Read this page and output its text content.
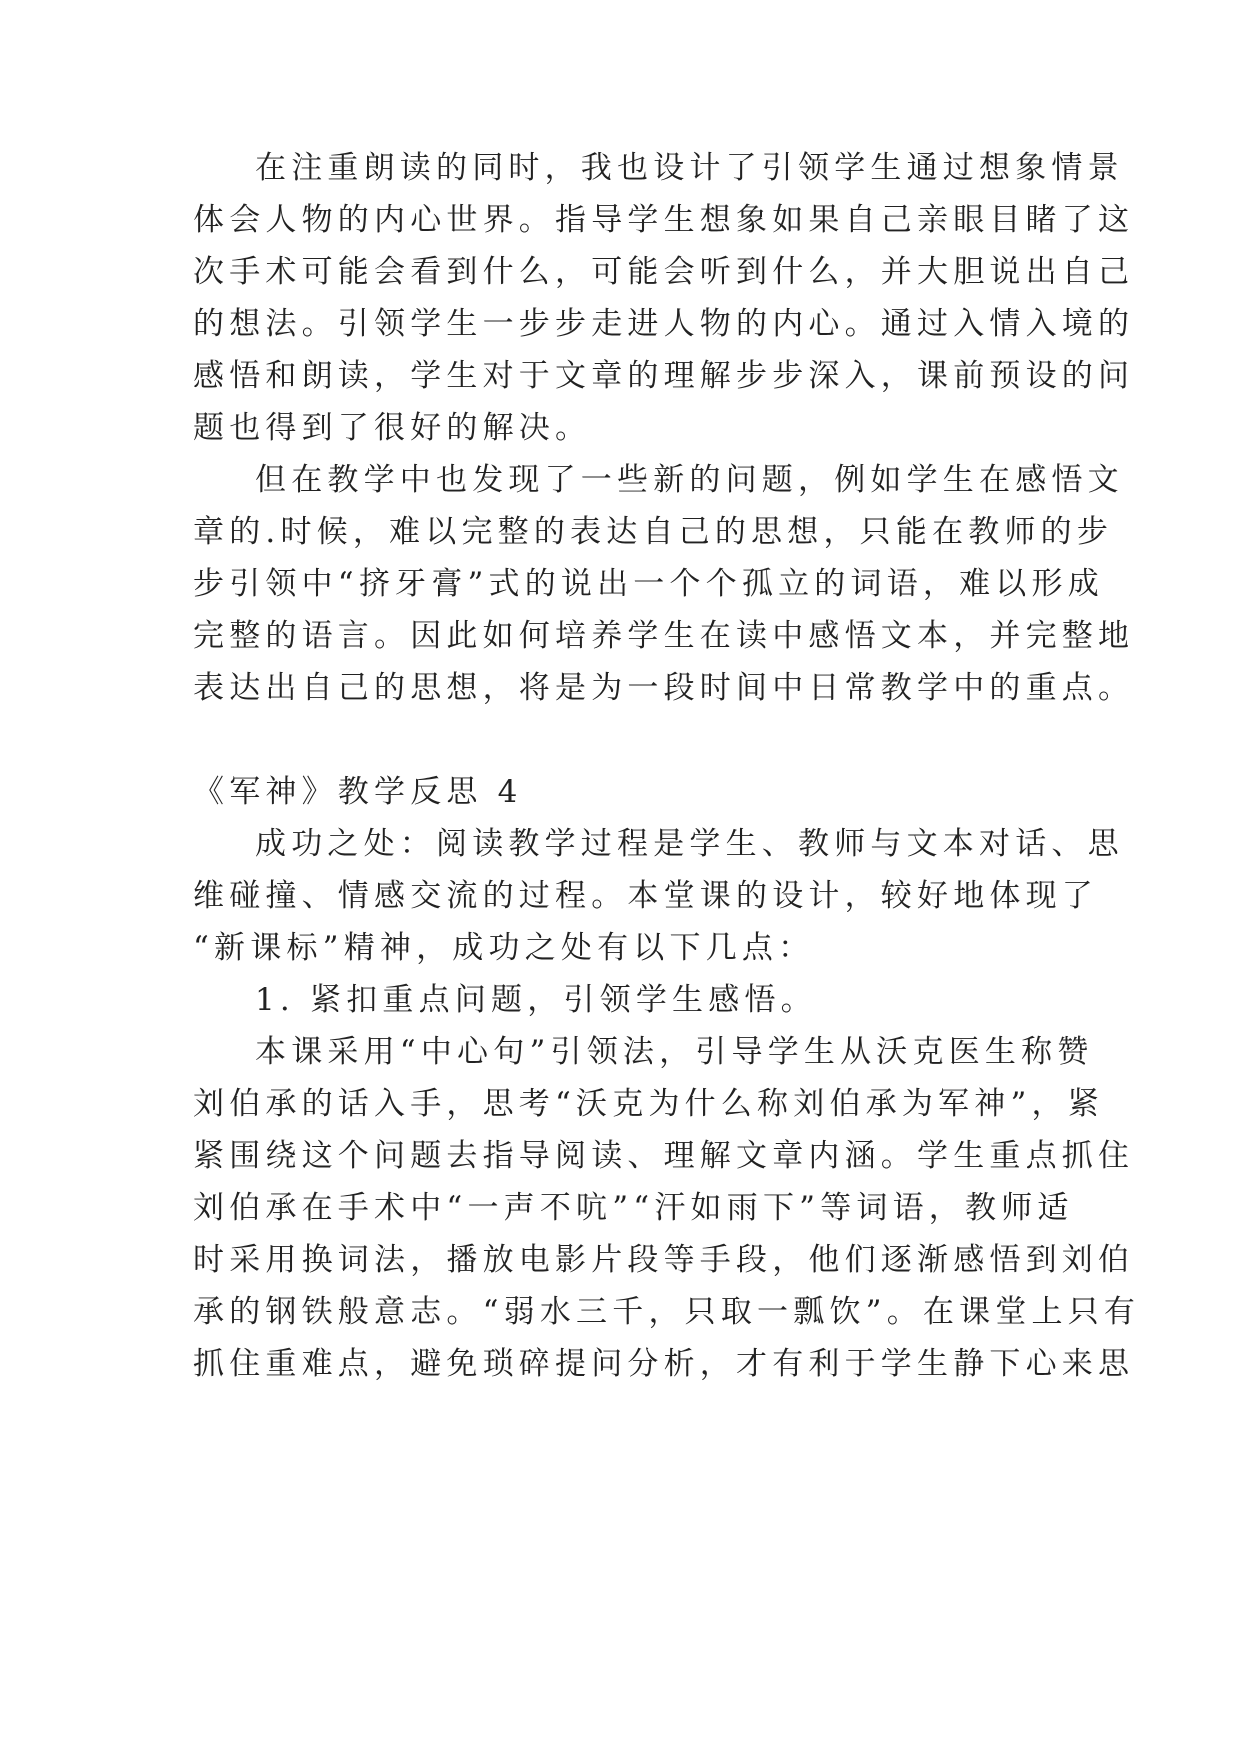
在注重朗读的同时，我也设计了引领学生通过想象情景
体会人物的内心世界。指导学生想象如果自己亲眼目睹了这
次手术可能会看到什么，可能会听到什么，并大胆说出自己
的想法。引领学生一步步走进人物的内心。通过入情入境的
感悟和朗读，学生对于文章的理解步步深入，课前预设的问
题也得到了很好的解决。
但在教学中也发现了一些新的问题，例如学生在感悟文
章的.时候，难以完整的表达自己的思想，只能在教师的步
步引领中“挤牙膏”式的说出一个个孤立的词语，难以形成
完整的语言。因此如何培养学生在读中感悟文本，并完整地
表达出自己的思想，将是为一段时间中日常教学中的重点。
《军神》教学反思 4
成功之处：阅读教学过程是学生、教师与文本对话、思
维碰撞、情感交流的过程。本堂课的设计，较好地体现了
“新课标”精神，成功之处有以下几点：
1. 紧扣重点问题，引领学生感悟。
本课采用“中心句”引领法，引导学生从沃克医生称赞
刘伯承的话入手，思考“沃克为什么称刘伯承为军神”，紧
紧围绕这个问题去指导阅读、理解文章内涵。学生重点抓住
刘伯承在手术中“一声不吭”“汗如雨下”等词语，教师适
时采用换词法，播放电影片段等手段，他们逐渐感悟到刘伯
承的钢铁般意志。“弱水三千，只取一瓢饮”。在课堂上只有
抓住重难点，避免琐碎提问分析，才有利于学生静下心来思
